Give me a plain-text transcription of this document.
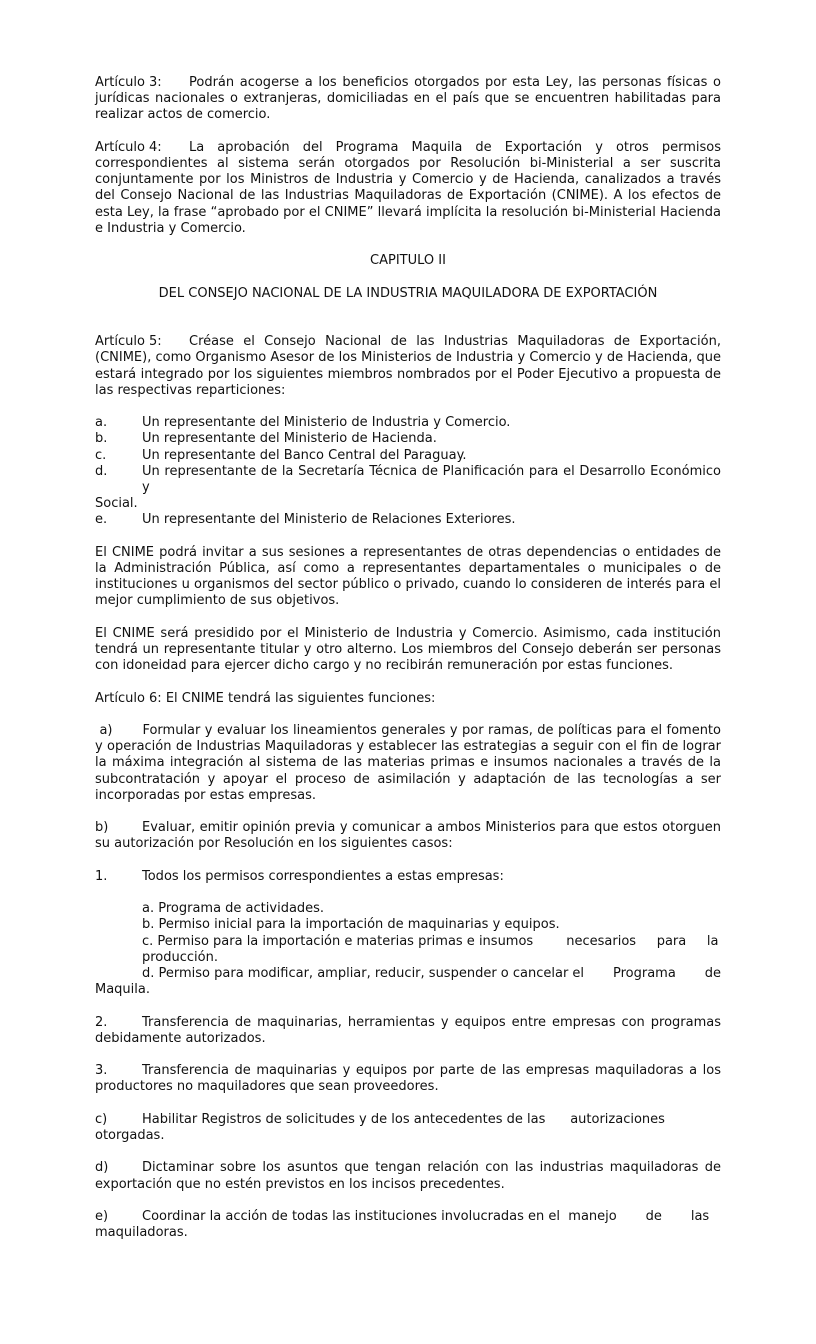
Artículo 3: Podrán acogerse a los beneficios otorgados por esta Ley, las personas físicas o jurídicas nacionales o extranjeras, domiciliadas en el país que se encuentren habilitadas para realizar actos de comercio.

Artículo 4: La aprobación del Programa Maquila de Exportación y otros permisos correspondientes al sistema serán otorgados por Resolución bi-Ministerial a ser suscrita conjuntamente por los Ministros de Industria y Comercio y de Hacienda, canalizados a través del Consejo Nacional de las Industrias Maquiladoras de Exportación (CNIME). A los efectos de esta Ley, la frase “aprobado por el CNIME” llevará implícita la resolución bi-Ministerial Hacienda e Industria y Comercio.

CAPITULO II

DEL CONSEJO NACIONAL DE LA INDUSTRIA MAQUILADORA DE EXPORTACIÓN

Artículo 5: Créase el Consejo Nacional de las Industrias Maquiladoras de Exportación, (CNIME), como Organismo Asesor de los Ministerios de Industria y Comercio y de Hacienda, que estará integrado por los siguientes miembros nombrados por el Poder Ejecutivo a propuesta de las respectivas reparticiones:

a.	Un representante del Ministerio de Industria y Comercio.

b.	Un representante del Ministerio de Hacienda.

c.	Un representante del Banco Central del Paraguay.

d.	Un representante de la Secretaría Técnica de Planificación para el Desarrollo Económico y

Social.

e.	Un representante del Ministerio de Relaciones Exteriores.

El CNIME podrá invitar a sus sesiones a representantes de otras dependencias o entidades de la Administración Pública, así como a representantes departamentales o municipales o de instituciones u organismos del sector público o privado, cuando lo consideren de interés para el mejor cumplimiento de sus objetivos.

El CNIME será presidido por el Ministerio de Industria y Comercio. Asimismo, cada institución tendrá un representante titular y otro alterno. Los miembros del Consejo deberán ser personas con idoneidad para ejercer dicho cargo y no recibirán remuneración por estas funciones.

Artículo 6: El CNIME tendrá las siguientes funciones:

a) Formular y evaluar los lineamientos generales y por ramas, de políticas para el fomento y operación de Industrias Maquiladoras y establecer las estrategias a seguir con el fin de lograr la máxima integración al sistema de las materias primas e insumos nacionales a través de la subcontratación y apoyar el proceso de asimilación y adaptación de las tecnologías a ser incorporadas por estas empresas.

b)	Evaluar, emitir opinión previa y comunicar a ambos Ministerios para que estos otorguen su autorización por Resolución en los siguientes casos:

1.	Todos los permisos correspondientes a estas empresas:

a. Programa de actividades.

b. Permiso inicial para la importación de maquinarias y equipos.

c. Permiso para la importación e materias primas e insumos        necesarios     para     la

producción.

d. Permiso para modificar, ampliar, reducir, suspender o cancelar el       Programa       de

Maquila.

2.	Transferencia de maquinarias, herramientas y equipos entre empresas con programas debidamente autorizados.

3.	Transferencia de maquinarias y equipos por parte de las empresas maquiladoras a los productores no maquiladores que sean proveedores.

c)	Habilitar Registros de solicitudes y de los antecedentes de las      autorizaciones

otorgadas.

d)	Dictaminar sobre los asuntos que tengan relación con las industrias maquiladoras de exportación que no estén previstos en los incisos precedentes.

e)	Coordinar la acción de todas las instituciones involucradas en el  manejo       de       las

maquiladoras.
